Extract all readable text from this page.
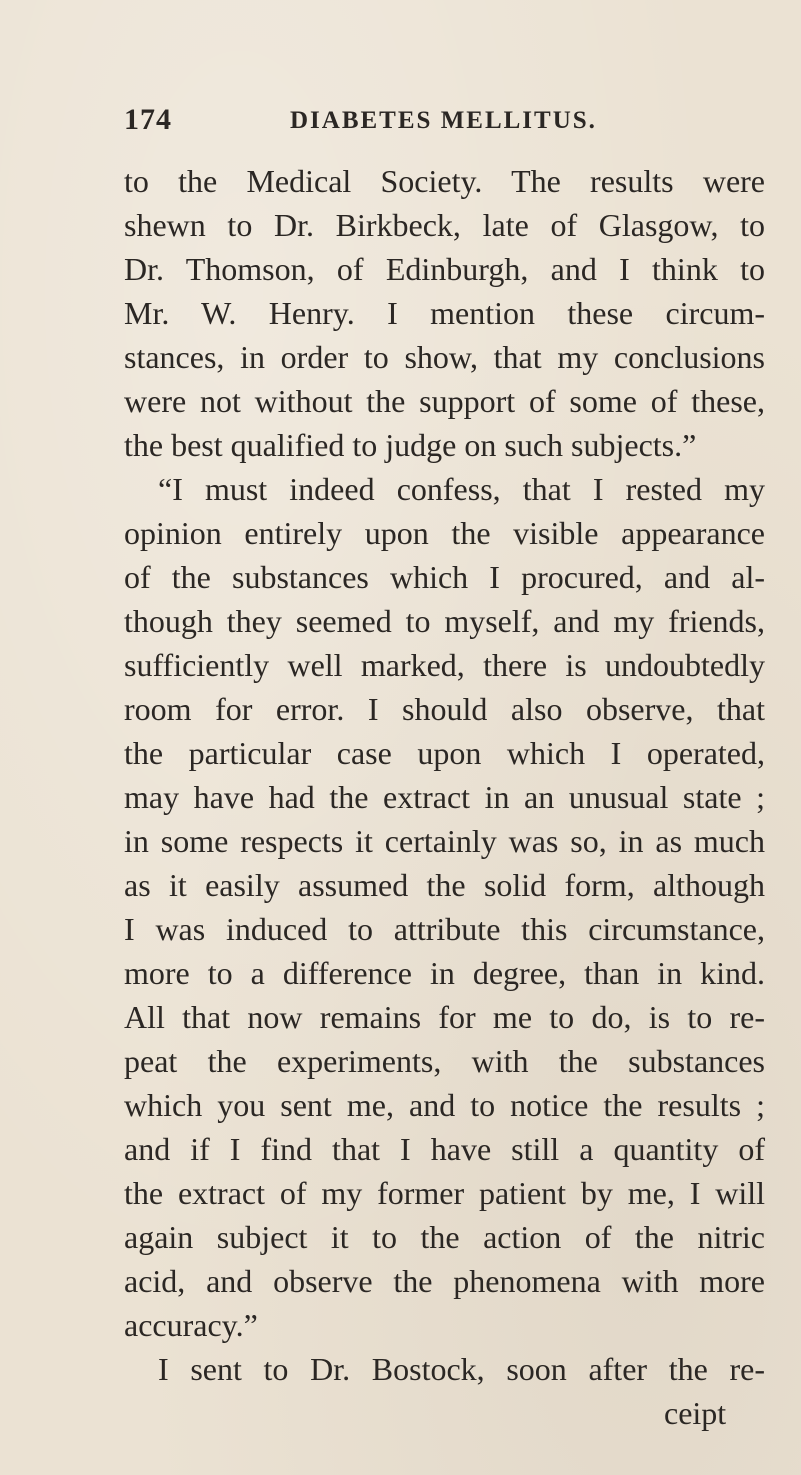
174	DIABETES MELLITUS.
to the Medical Society. The results were
shewn to Dr. Birkbeck, late of Glasgow, to
Dr. Thomson, of Edinburgh, and I think to
Mr. W. Henry. I mention these circum-
stances, in order to show, that my conclusions
were not without the support of some of these,
the best qualified to judge on such subjects.”
“I must indeed confess, that I rested my
opinion entirely upon the visible appearance
of the substances which I procured, and al-
though they seemed to myself, and my friends,
sufficiently well marked, there is undoubtedly
room for error. I should also observe, that
the particular case upon which I operated,
may have had the extract in an unusual state ;
in some respects it certainly was so, in as much
as it easily assumed the solid form, although
I was induced to attribute this circumstance,
more to a difference in degree, than in kind.
All that now remains for me to do, is to re-
peat the experiments, with the substances
which you sent me, and to notice the results ;
and if I find that I have still a quantity of
the extract of my former patient by me, I will
again subject it to the action of the nitric
acid, and observe the phenomena with more
accuracy.”
I sent to Dr. Bostock, soon after the re-
ceipt
